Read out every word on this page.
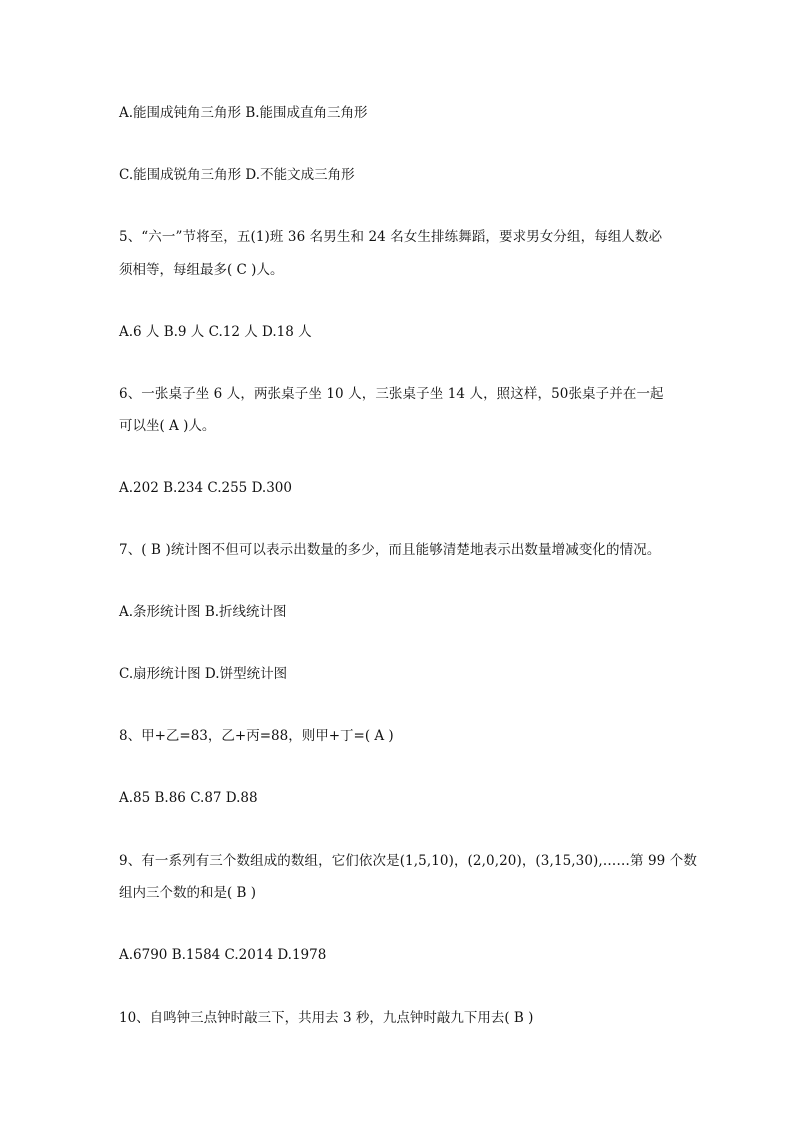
A.能围成钝角三角形 B.能围成直角三角形
C.能围成锐角三角形 D.不能文成三角形
5、“六一”节将至，五(1)班 36 名男生和 24 名女生排练舞蹈，要求男女分组，每组人数必
须相等，每组最多( C )人。
A.6 人 B.9 人 C.12 人 D.18 人
6、一张桌子坐 6 人，两张桌子坐 10 人，三张桌子坐 14 人，照这样，50张桌子并在一起
可以坐( A )人。
A.202 B.234 C.255 D.300
7、( B )统计图不但可以表示出数量的多少，而且能够清楚地表示出数量增减变化的情况。
A.条形统计图 B.折线统计图
C.扇形统计图 D.饼型统计图
8、甲+乙=83，乙+丙=88，则甲+丁=( A )
A.85 B.86 C.87 D.88
9、有一系列有三个数组成的数组，它们依次是(1,5,10)，(2,0,20)，(3,15,30),……第 99 个数
组内三个数的和是( B )
A.6790 B.1584 C.2014 D.1978
10、自鸣钟三点钟时敲三下，共用去 3 秒，九点钟时敲九下用去( B )
